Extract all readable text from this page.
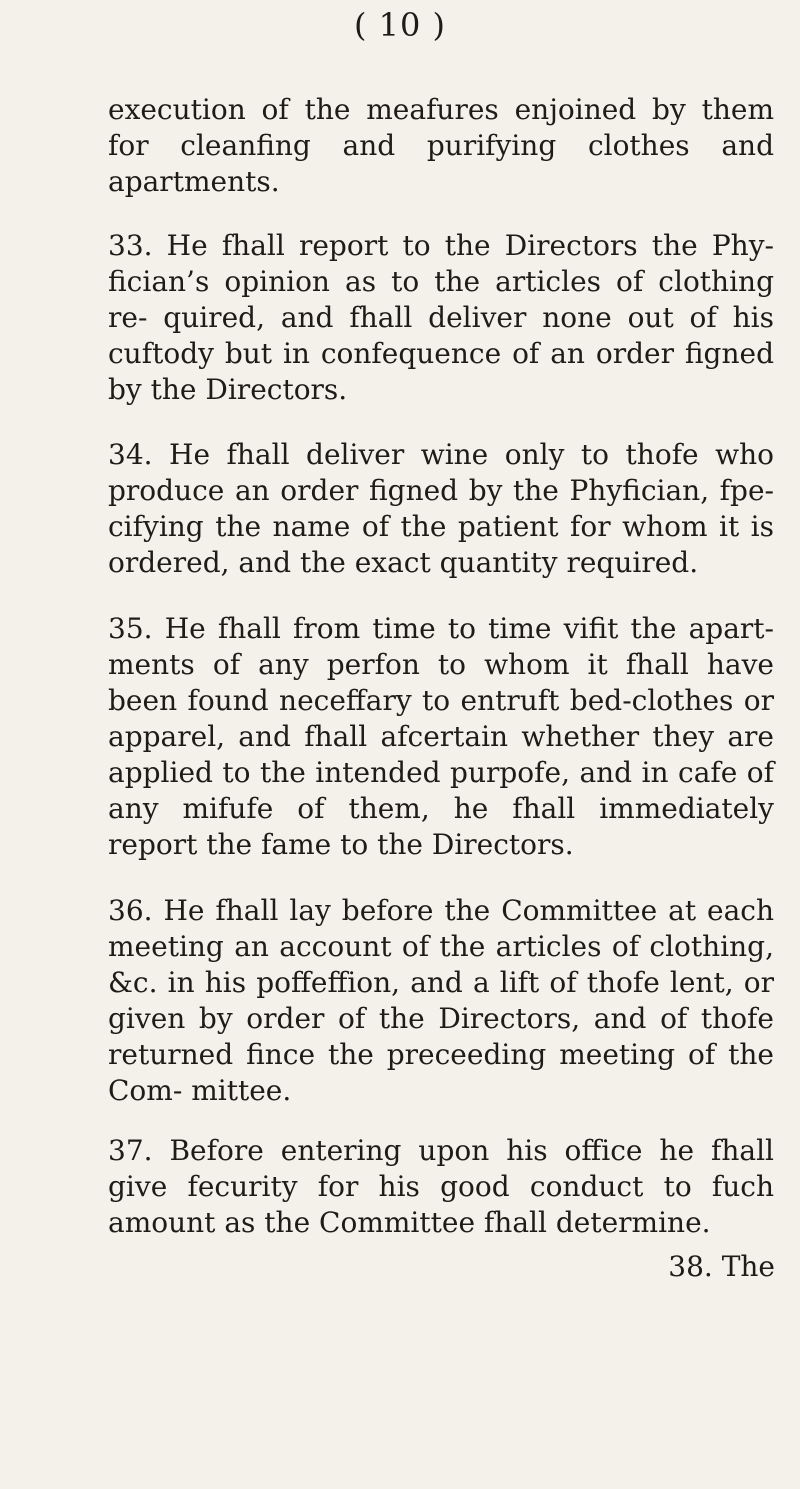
( 10 )

execution of the meafures enjoined by them for cleanfing and purifying clothes and apartments.

33. He fhall report to the Directors the Phy- fician’s opinion as to the articles of clothing re- quired, and fhall deliver none out of his cuftody but in confequence of an order figned by the Directors.

34. He fhall deliver wine only to thofe who produce an order figned by the Phyfician, fpe- cifying the name of the patient for whom it is ordered, and the exact quantity required.

35. He fhall from time to time vifit the apart- ments of any perfon to whom it fhall have been found neceffary to entruft bed-clothes or apparel, and fhall afcertain whether they are applied to the intended purpofe, and in cafe of any mifufe of them, he fhall immediately report the fame to the Directors.

36. He fhall lay before the Committee at each meeting an account of the articles of clothing, &c. in his poffeffion, and a lift of thofe lent, or given by order of the Directors, and of thofe returned fince the preceeding meeting of the Com- mittee.

37. Before entering upon his office he fhall give fecurity for his good conduct to fuch amount as the Committee fhall determine.

38. The
